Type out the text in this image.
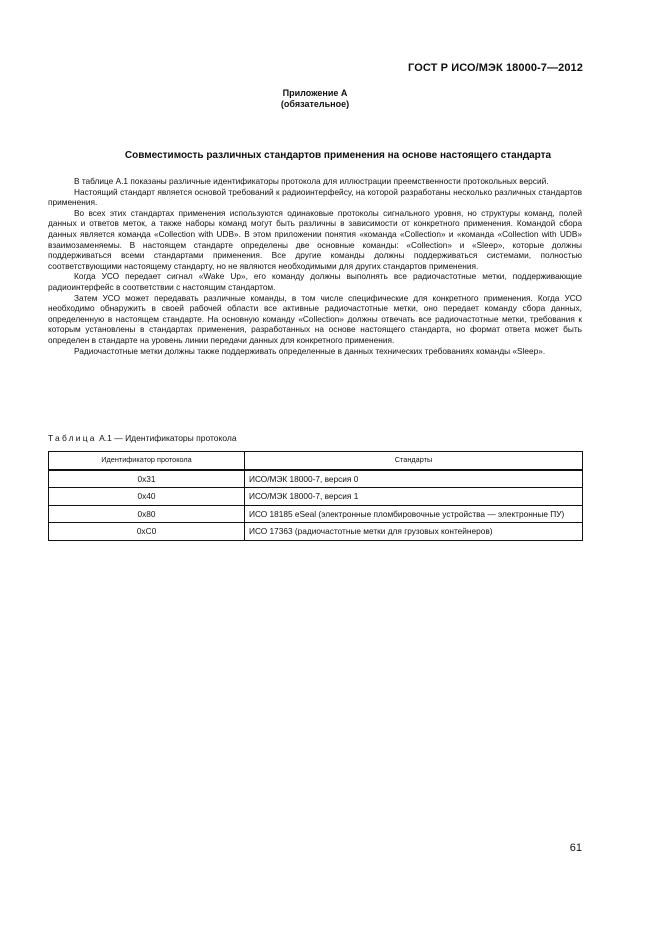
ГОСТ Р ИСО/МЭК 18000-7—2012
Приложение А
(обязательное)
Совместимость различных стандартов применения на основе настоящего стандарта

В таблице А.1 показаны различные идентификаторы протокола для иллюстрации преемственности протокольных версий.

Настоящий стандарт является основой требований к радиоинтерфейсу, на которой разработаны несколько различных стандартов применения.

Во всех этих стандартах применения используются одинаковые протоколы сигнального уровня, но структуры команд, полей данных и ответов меток, а также наборы команд могут быть различны в зависимости от конкретного применения. Командой сбора данных является команда «Collection with UDB». В этом приложении понятия «команда «Collection» и «команда «Collection with UDB» взаимозаменяемы. В настоящем стандарте определены две основные команды: «Collection» и «Sleep», которые должны поддерживаться всеми стандартами применения. Все другие команды должны поддерживаться системами, полностью соответствующими настоящему стандарту, но не являются необходимыми для других стандартов применения.

Когда УСО передает сигнал «Wake Up», его команду должны выполнять все радиочастотные метки, поддерживающие радиоинтерфейс в соответствии с настоящим стандартом.

Затем УСО может передавать различные команды, в том числе специфические для конкретного применения. Когда УСО необходимо обнаружить в своей рабочей области все активные радиочастотные метки, оно передает команду сбора данных, определенную в настоящем стандарте. На основную команду «Collection» должны отвечать все радиочастотные метки, требования к которым установлены в стандартах применения, разработанных на основе настоящего стандарта, но формат ответа может быть определен в стандарте на уровень линии передачи данных для конкретного применения.

Радиочастотные метки должны также поддерживать определенные в данных технических требованиях команды «Sleep».

Таблица А.1 — Идентификаторы протокола
Идентификатор протокола	Стандарты
0x31	ИСО/МЭК 18000-7, версия 0
0x40	ИСО/МЭК 18000-7, версия 1
0x80	ИСО 18185 eSeal (электронные пломбировочные устройства — электронные ПУ)
0xC0	ИСО 17363 (радиочастотные метки для грузовых контейнеров)
61
